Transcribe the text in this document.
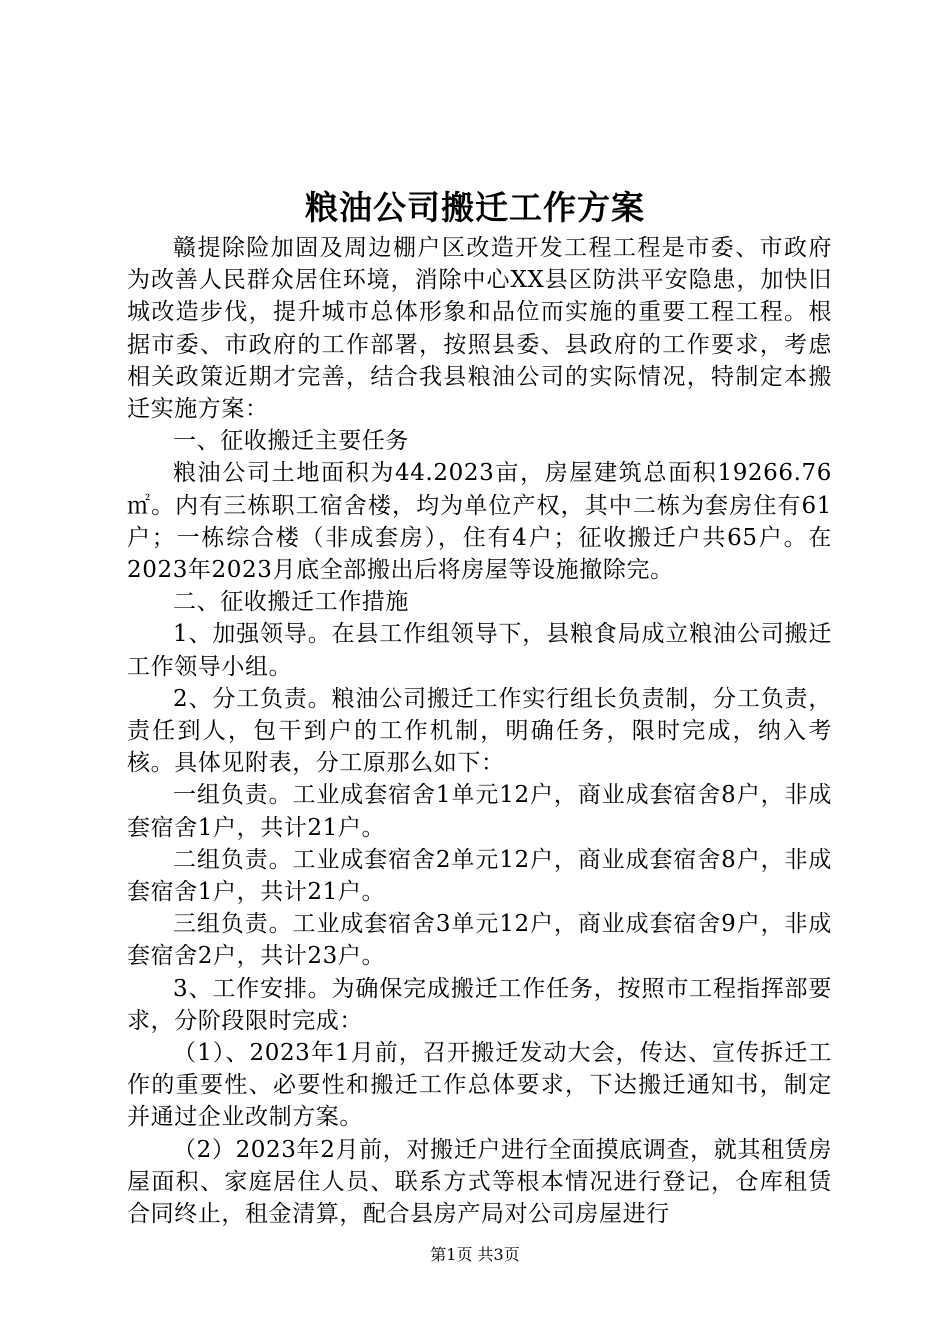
粮油公司搬迁工作方案

赣提除险加固及周边棚户区改造开发工程工程是市委、市政府为改善人民群众居住环境，消除中心XX县区防洪平安隐患，加快旧城改造步伐，提升城市总体形象和品位而实施的重要工程工程。根据市委、市政府的工作部署，按照县委、县政府的工作要求，考虑相关政策近期才完善，结合我县粮油公司的实际情况，特制定本搬迁实施方案：

一、征收搬迁主要任务

粮油公司土地面积为44.2023亩，房屋建筑总面积19266.76㎡。内有三栋职工宿舍楼，均为单位产权，其中二栋为套房住有61户；一栋综合楼（非成套房），住有4户；征收搬迁户共65户。在2023年2023月底全部搬出后将房屋等设施撤除完。

二、征收搬迁工作措施

1、加强领导。在县工作组领导下，县粮食局成立粮油公司搬迁工作领导小组。

2、分工负责。粮油公司搬迁工作实行组长负责制，分工负责，责任到人，包干到户的工作机制，明确任务，限时完成，纳入考核。具体见附表，分工原那么如下：

一组负责。工业成套宿舍1单元12户，商业成套宿舍8户，非成套宿舍1户，共计21户。

二组负责。工业成套宿舍2单元12户，商业成套宿舍8户，非成套宿舍1户，共计21户。

三组负责。工业成套宿舍3单元12户，商业成套宿舍9户，非成套宿舍2户，共计23户。

3、工作安排。为确保完成搬迁工作任务，按照市工程指挥部要求，分阶段限时完成：

（1）、2023年1月前，召开搬迁发动大会，传达、宣传拆迁工作的重要性、必要性和搬迁工作总体要求，下达搬迁通知书，制定并通过企业改制方案。

（2）2023年2月前，对搬迁户进行全面摸底调查，就其租赁房屋面积、家庭居住人员、联系方式等根本情况进行登记，仓库租赁合同终止，租金清算，配合县房产局对公司房屋进行

第1页 共3页
